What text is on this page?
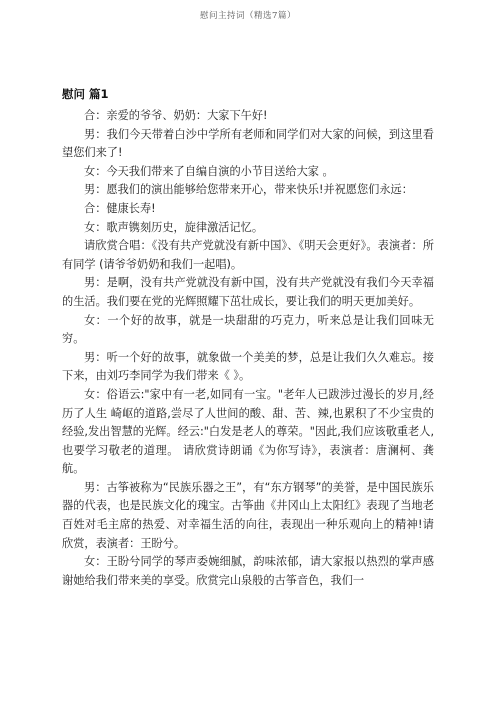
慰问主持词（精选7篇）
慰问 篇1

合：亲爱的爷爷、奶奶：大家下午好!

男：我们今天带着白沙中学所有老师和同学们对大家的问候，到这里看望您们来了!

女：今天我们带来了自编自演的小节目送给大家 。

男：愿我们的演出能够给您带来开心，带来快乐!并祝愿您们永远：

合：健康长寿!

女：歌声镌刻历史，旋律激活记忆。

请欣赏合唱：《没有共产党就没有新中国》、《明天会更好》。表演者：所有同学 (请爷爷奶奶和我们一起唱)。

男：是啊，没有共产党就没有新中国，没有共产党就没有我们今天幸福的生活。我们要在党的光辉照耀下茁壮成长，要让我们的明天更加美好。

女：一个好的故事，就是一块甜甜的巧克力，听来总是让我们回味无穷。

男：听一个好的故事，就象做一个美美的梦，总是让我们久久难忘。接下来，由刘巧李同学为我们带来《 》。

女：俗语云:"家中有一老,如同有一宝。"老年人已跋涉过漫长的岁月,经历了人生 崎岖的道路,尝尽了人世间的酸、甜、苦、辣,也累积了不少宝贵的经验,发出智慧的光辉。经云:"白发是老人的尊荣。"因此,我们应该敬重老人,也要学习敬老的道理。 请欣赏诗朗诵《为你写诗》，表演者：唐澜柯、龚航。

男：古筝被称为“民族乐器之王”，有“东方钢琴”的美誉，是中国民族乐器的代表，也是民族文化的瑰宝。古筝曲《井冈山上太阳红》表现了当地老百姓对毛主席的热爱、对幸福生活的向往，表现出一种乐观向上的精神!请欣赏，表演者：王盼兮。

女：王盼兮同学的琴声委婉细腻，韵味浓郁，请大家报以热烈的掌声感谢她给我们带来美的享受。欣赏完山泉般的古筝音色，我们一
